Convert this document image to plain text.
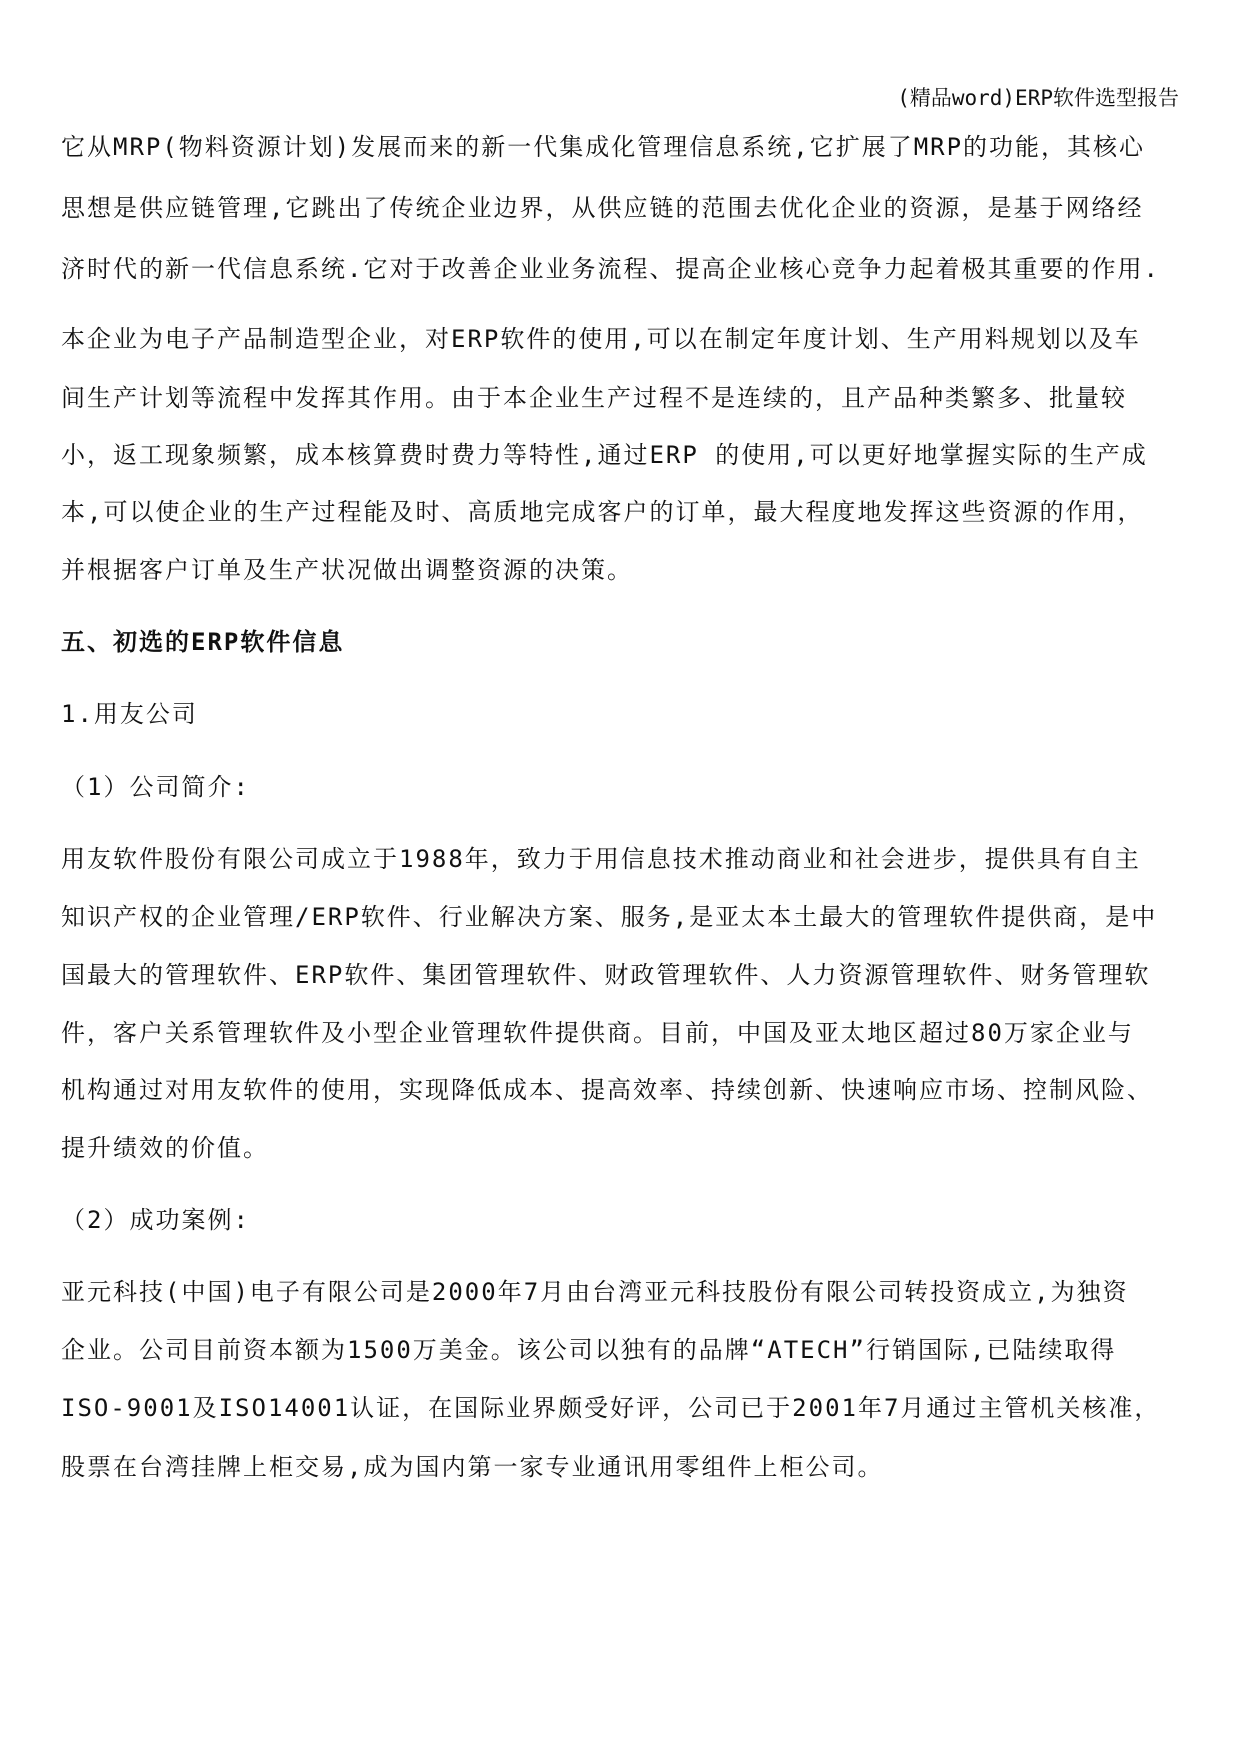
(精品word)ERP软件选型报告
它从MRP(物料资源计划)发展而来的新一代集成化管理信息系统,它扩展了MRP的功能，其核心
思想是供应链管理,它跳出了传统企业边界，从供应链的范围去优化企业的资源，是基于网络经
济时代的新一代信息系统.它对于改善企业业务流程、提高企业核心竞争力起着极其重要的作用.
本企业为电子产品制造型企业，对ERP软件的使用,可以在制定年度计划、生产用料规划以及车
间生产计划等流程中发挥其作用。由于本企业生产过程不是连续的，且产品种类繁多、批量较
小，返工现象频繁，成本核算费时费力等特性,通过ERP 的使用,可以更好地掌握实际的生产成
本,可以使企业的生产过程能及时、高质地完成客户的订单，最大程度地发挥这些资源的作用，
并根据客户订单及生产状况做出调整资源的决策。
五、初选的ERP软件信息
1.用友公司
（1）公司简介:
用友软件股份有限公司成立于1988年，致力于用信息技术推动商业和社会进步，提供具有自主
知识产权的企业管理/ERP软件、行业解决方案、服务,是亚太本土最大的管理软件提供商，是中
国最大的管理软件、ERP软件、集团管理软件、财政管理软件、人力资源管理软件、财务管理软
件，客户关系管理软件及小型企业管理软件提供商。目前，中国及亚太地区超过80万家企业与
机构通过对用友软件的使用，实现降低成本、提高效率、持续创新、快速响应市场、控制风险、
提升绩效的价值。
（2）成功案例:
亚元科技(中国)电子有限公司是2000年7月由台湾亚元科技股份有限公司转投资成立,为独资
企业。公司目前资本额为1500万美金。该公司以独有的品牌“ATECH”行销国际,已陆续取得
ISO-9001及ISO14001认证，在国际业界颇受好评，公司已于2001年7月通过主管机关核准，
股票在台湾挂牌上柜交易,成为国内第一家专业通讯用零组件上柜公司。
